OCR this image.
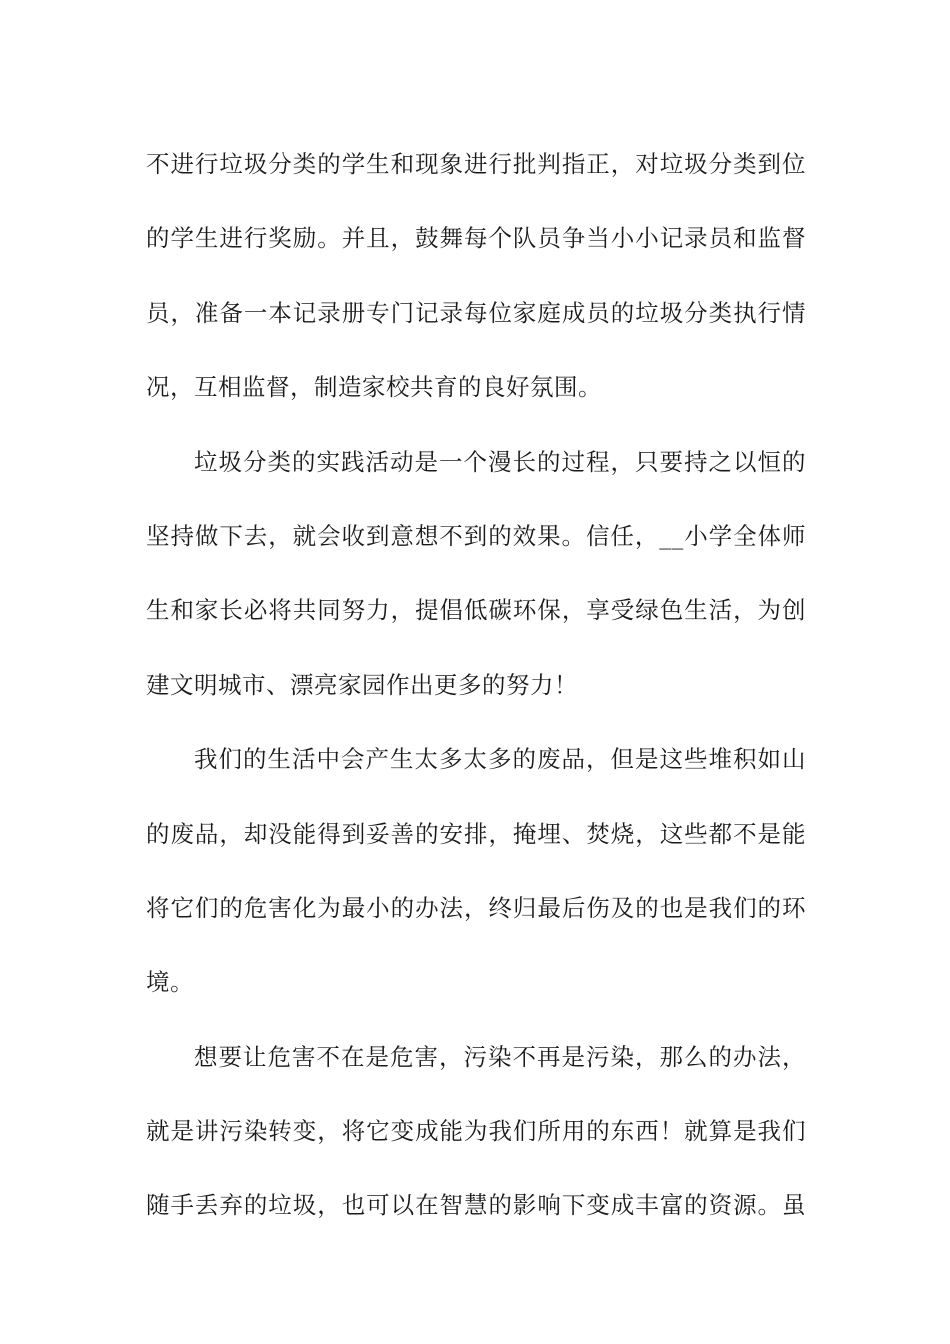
不进行垃圾分类的学生和现象进行批判指正，对垃圾分类到位
的学生进行奖励。并且，鼓舞每个队员争当小小记录员和监督
员，准备一本记录册专门记录每位家庭成员的垃圾分类执行情
况，互相监督，制造家校共育的良好氛围。
垃圾分类的实践活动是一个漫长的过程，只要持之以恒的
坚持做下去，就会收到意想不到的效果。信任，__小学全体师
生和家长必将共同努力，提倡低碳环保，享受绿色生活，为创
建文明城市、漂亮家园作出更多的努力！
我们的生活中会产生太多太多的废品，但是这些堆积如山
的废品，却没能得到妥善的安排，掩埋、焚烧，这些都不是能
将它们的危害化为最小的办法，终归最后伤及的也是我们的环
境。
想要让危害不在是危害，污染不再是污染，那么的办法，
就是讲污染转变，将它变成能为我们所用的东西！就算是我们
随手丢弃的垃圾，也可以在智慧的影响下变成丰富的资源。虽
